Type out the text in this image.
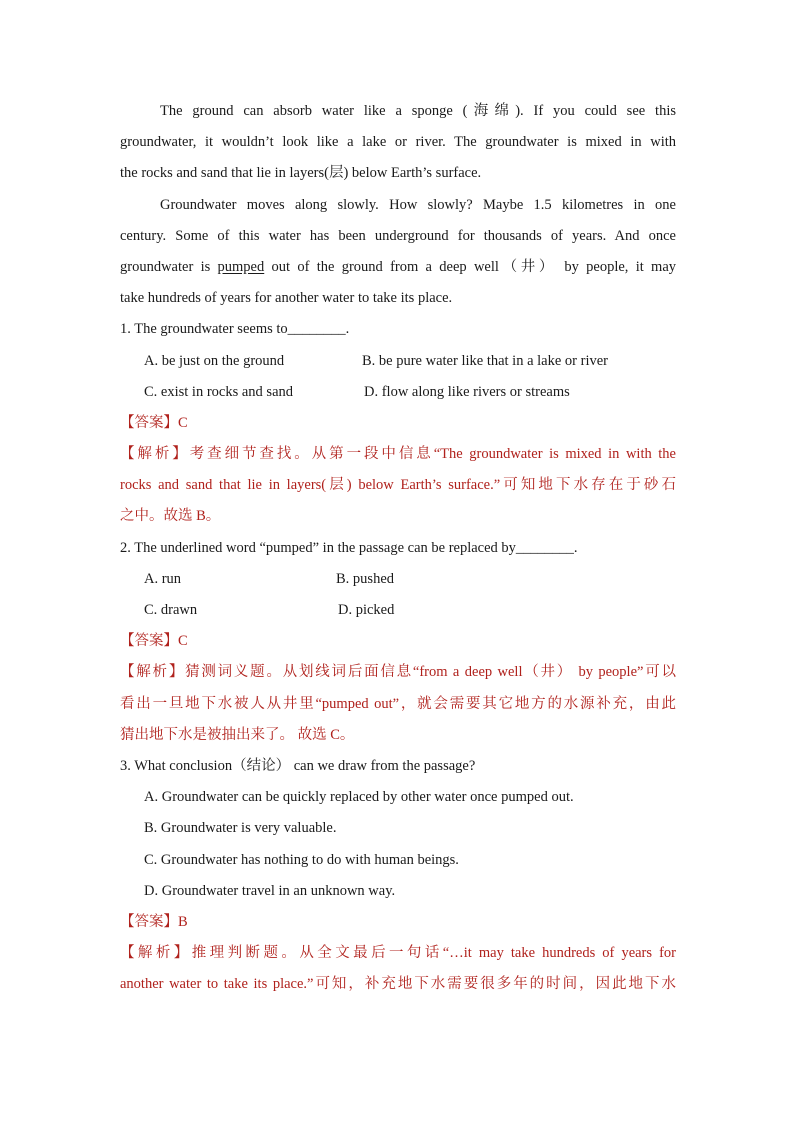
The ground can absorb water like a sponge (海绵). If you could see this
groundwater, it wouldn’t look like a lake or river. The groundwater is mixed in with
the rocks and sand that lie in layers(层) below Earth’s surface.
Groundwater moves along slowly. How slowly? Maybe 1.5 kilometres in one
century. Some of this water has been underground for thousands of years. And once
groundwater is pumped out of the ground from a deep well（井） by people, it may
take hundreds of years for another water to take its place.
1. The groundwater seems to________.
A. be just on the ground	B. be pure water like that in a lake or river
C. exist in rocks and sand	D. flow along like rivers or streams
【答案】C
【解析】考查细节查找。从第一段中信息“The groundwater is mixed in with the
rocks and sand that lie in layers(层) below Earth’s surface.”可知地下水存在于砂石
之中。故选 B。
2. The underlined word “pumped” in the passage can be replaced by________.
A. run	B. pushed
C. drawn	D. picked
【答案】C
【解析】猜测词义题。从划线词后面信息“from a deep well（井） by people”可以
看出一旦地下水被人从井里“pumped out”，就会需要其它地方的水源补充，由此
猜出地下水是被抽出来了。 故选 C。
3. What conclusion（结论） can we draw from the passage?
A. Groundwater can be quickly replaced by other water once pumped out.
B. Groundwater is very valuable.
C. Groundwater has nothing to do with human beings.
D. Groundwater travel in an unknown way.
【答案】B
【解析】推理判断题。从全文最后一句话“…it may take hundreds of years for
another water to take its place.”可知，补充地下水需要很多年的时间，因此地下水
